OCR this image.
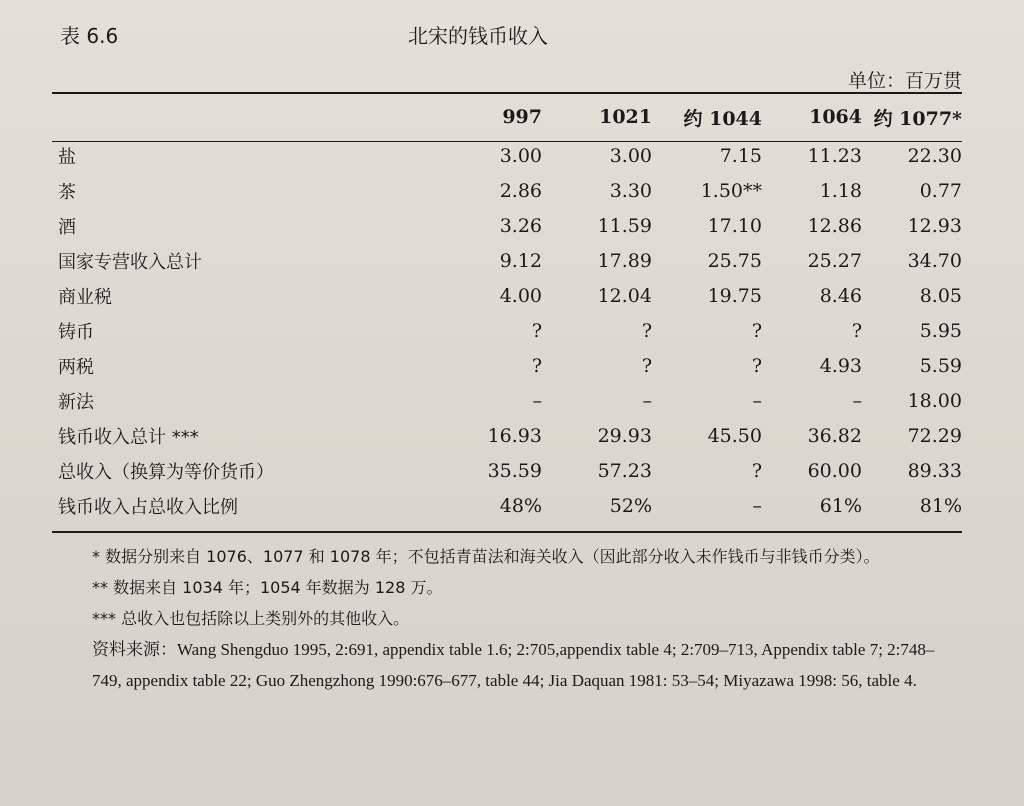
表 6.6	北宋的钱币收入
单位：百万贯
	997	1021	约 1044	1064	约 1077*
盐	3.00	3.00	7.15	11.23	22.30
茶	2.86	3.30	1.50**	1.18	0.77
酒	3.26	11.59	17.10	12.86	12.93
国家专营收入总计	9.12	17.89	25.75	25.27	34.70
商业税	4.00	12.04	19.75	8.46	8.05
铸币	?	?	?	?	5.95
两税	?	?	?	4.93	5.59
新法	–	–	–	–	18.00
钱币收入总计 ***	16.93	29.93	45.50	36.82	72.29
总收入（换算为等价货币）	35.59	57.23	?	60.00	89.33
钱币收入占总收入比例	48%	52%	–	61%	81%

* 数据分别来自 1076、1077 和 1078 年；不包括青苗法和海关收入（因此部分收入未作钱币与非钱币分类）。

** 数据来自 1034 年；1054 年数据为 128 万。

*** 总收入也包括除以上类别外的其他收入。

资料来源：Wang Shengduo 1995, 2:691, appendix table 1.6; 2:705,appendix table 4; 2:709–713, Appendix table 7; 2:748–749, appendix table 22; Guo Zhengzhong 1990:676–677, table 44; Jia Daquan 1981: 53–54; Miyazawa 1998: 56, table 4.
